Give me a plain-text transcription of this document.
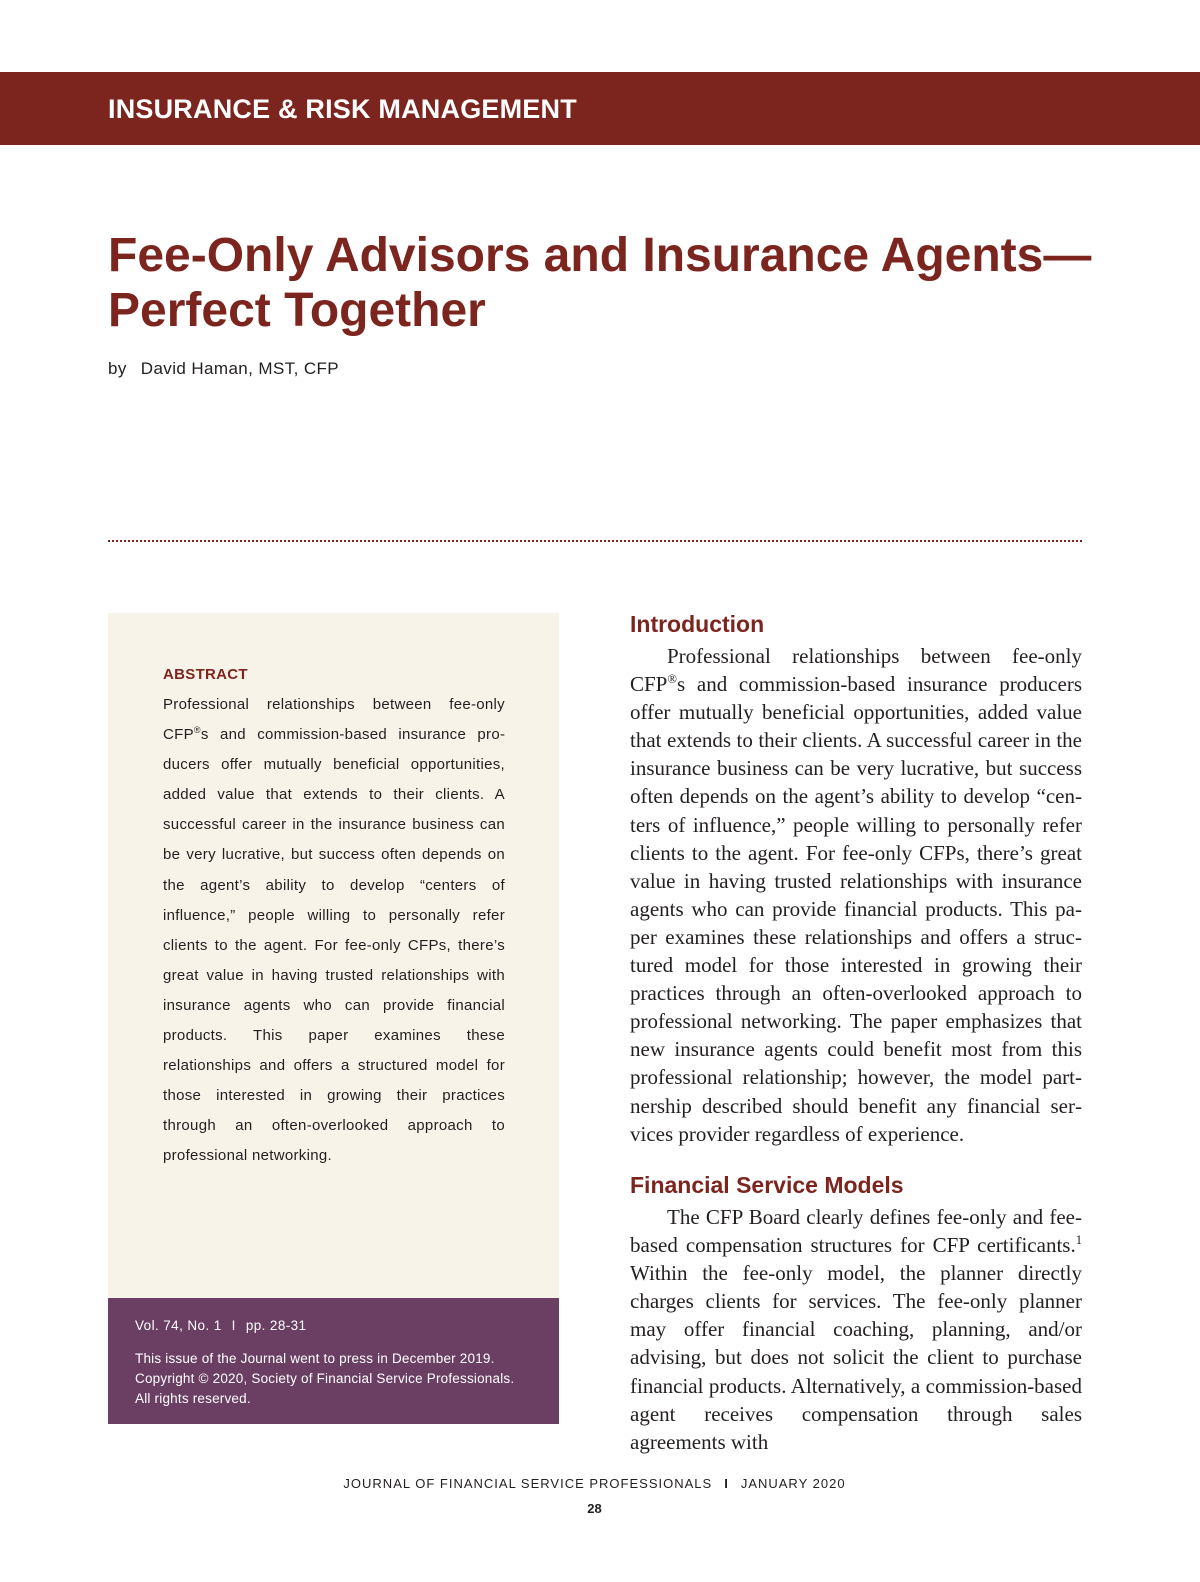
INSURANCE & RISK MANAGEMENT
Fee-Only Advisors and Insurance Agents—
Perfect Together
by David Haman, MST, CFP
ABSTRACT
Professional relationships between fee-only CFP®s and commission-based insurance producers offer mutually beneficial opportunities, added value that extends to their clients. A successful career in the insurance business can be very lucrative, but success often depends on the agent’s ability to develop “centers of influence,” people willing to personally refer clients to the agent. For fee-only CFPs, there’s great value in having trusted relationships with insurance agents who can provide financial products. This paper examines these relationships and offers a structured model for those interested in growing their practices through an often-overlooked approach to professional networking.
Vol. 74, No. 1 I pp. 28-31
This issue of the Journal went to press in December 2019.
Copyright © 2020, Society of Financial Service Professionals.
All rights reserved.
Introduction

Professional relationships between fee-only CFP®s and commission-based insurance producers offer mutually beneficial opportunities, added value that extends to their clients. A successful career in the insurance business can be very lucrative, but success often depends on the agent’s ability to develop “centers of influence,” people willing to personally refer clients to the agent. For fee-only CFPs, there’s great value in having trusted relationships with insurance agents who can provide financial products. This paper examines these relationships and offers a structured model for those interested in growing their practices through an often-overlooked approach to professional networking. The paper emphasizes that new insurance agents could benefit most from this professional relationship; however, the model partnership described should benefit any financial services provider regardless of experience.

Financial Service Models

The CFP Board clearly defines fee-only and fee-based compensation structures for CFP certificants.$^1$ Within the fee-only model, the planner directly charges clients for services. The fee-only planner may offer financial coaching, planning, and/or advising, but does not solicit the client to purchase financial products. Alternatively, a commission-based agent receives compensation through sales agreements with

JOURNAL OF FINANCIAL SERVICE PROFESSIONALS I JANUARY 2020
28
